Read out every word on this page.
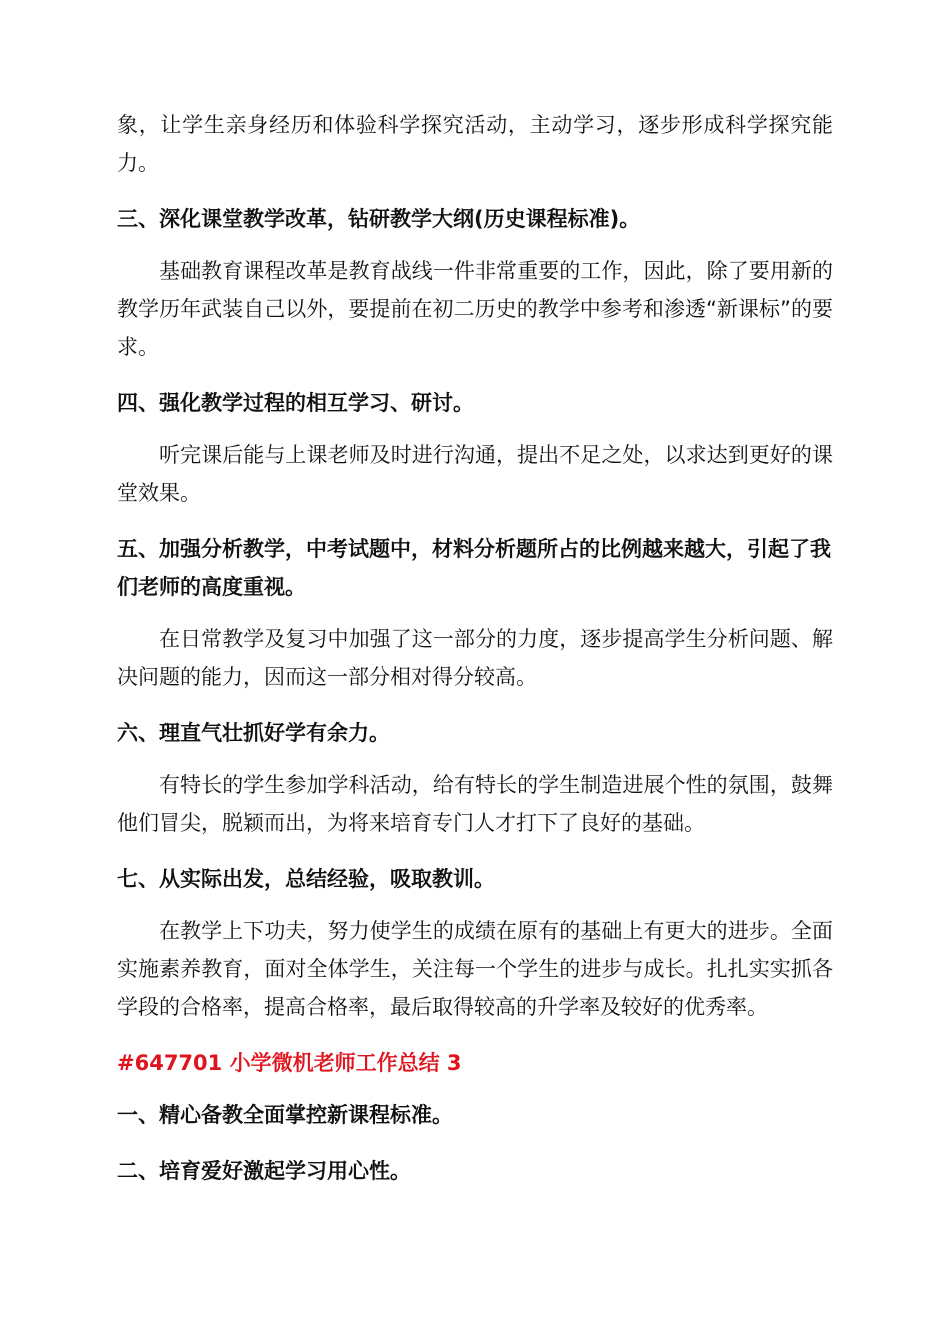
象，让学生亲身经历和体验科学探究活动，主动学习，逐步形成科学探究能力。

三、深化课堂教学改革，钻研教学大纲(历史课程标准)。

基础教育课程改革是教育战线一件非常重要的工作，因此，除了要用新的教学历年武装自己以外，要提前在初二历史的教学中参考和渗透“新课标”的要求。

四、强化教学过程的相互学习、研讨。

听完课后能与上课老师及时进行沟通，提出不足之处，以求达到更好的课堂效果。

五、加强分析教学，中考试题中，材料分析题所占的比例越来越大，引起了我们老师的高度重视。

在日常教学及复习中加强了这一部分的力度，逐步提高学生分析问题、解决问题的能力，因而这一部分相对得分较高。

六、理直气壮抓好学有余力。

有特长的学生参加学科活动，给有特长的学生制造进展个性的氛围，鼓舞他们冒尖，脱颖而出，为将来培育专门人才打下了良好的基础。

七、从实际出发，总结经验，吸取教训。

在教学上下功夫，努力使学生的成绩在原有的基础上有更大的进步。全面实施素养教育，面对全体学生，关注每一个学生的进步与成长。扎扎实实抓各学段的合格率，提高合格率，最后取得较高的升学率及较好的优秀率。

#647701 小学微机老师工作总结 3

一、精心备教全面掌控新课程标准。

二、培育爱好激起学习用心性。
